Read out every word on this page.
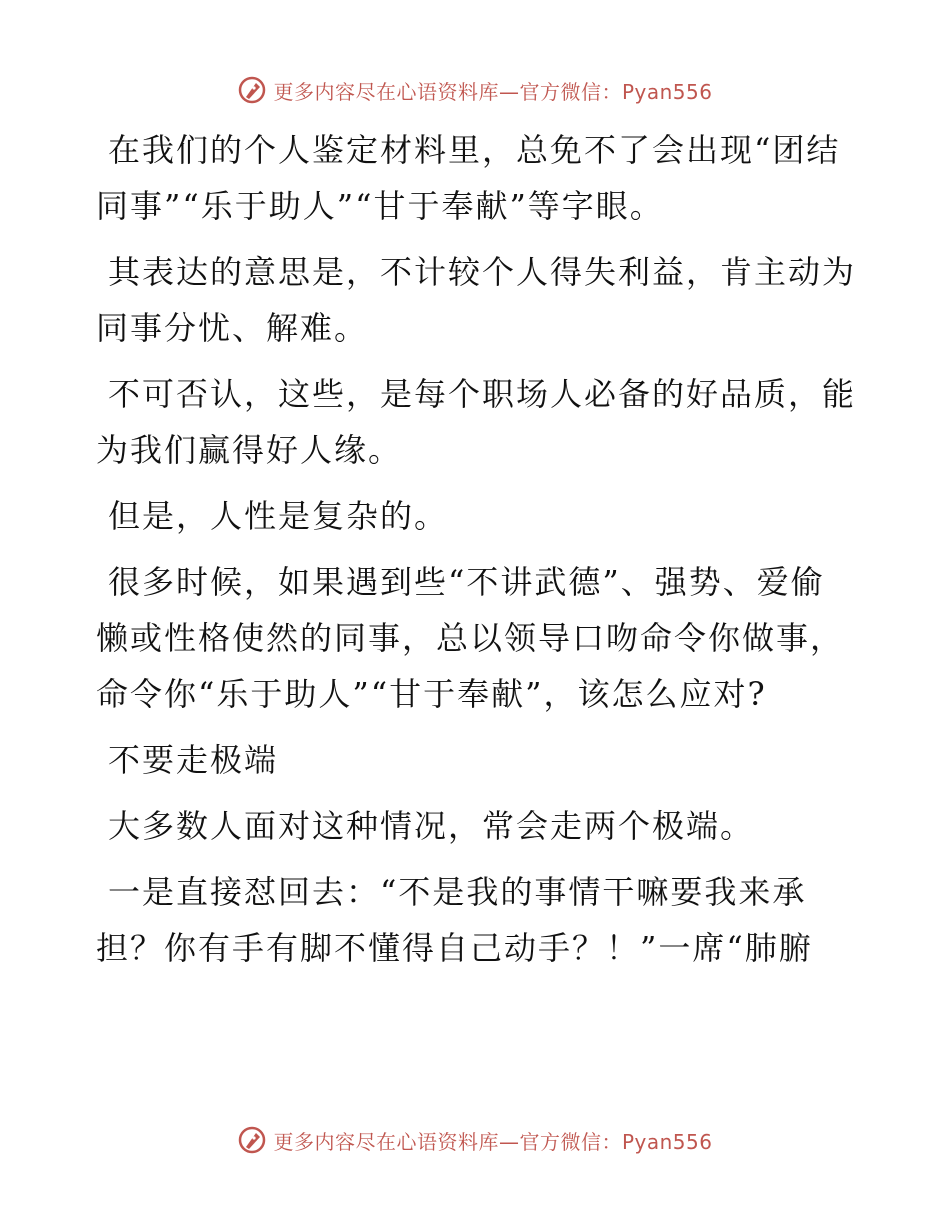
更多内容尽在心语资料库—官方微信：Pyan556

在我们的个人鉴定材料里，总免不了会出现“团结同事”“乐于助人”“甘于奉献”等字眼。

其表达的意思是，不计较个人得失利益，肯主动为同事分忧、解难。

不可否认，这些，是每个职场人必备的好品质，能为我们赢得好人缘。

但是，人性是复杂的。

很多时候，如果遇到些“不讲武德”、强势、爱偷懒或性格使然的同事，总以领导口吻命令你做事，命令你“乐于助人”“甘于奉献”，该怎么应对?

不要走极端

大多数人面对这种情况，常会走两个极端。

一是直接怼回去：“不是我的事情干嘛要我来承担？你有手有脚不懂得自己动手？！”一席“肺腑

更多内容尽在心语资料库—官方微信：Pyan556
